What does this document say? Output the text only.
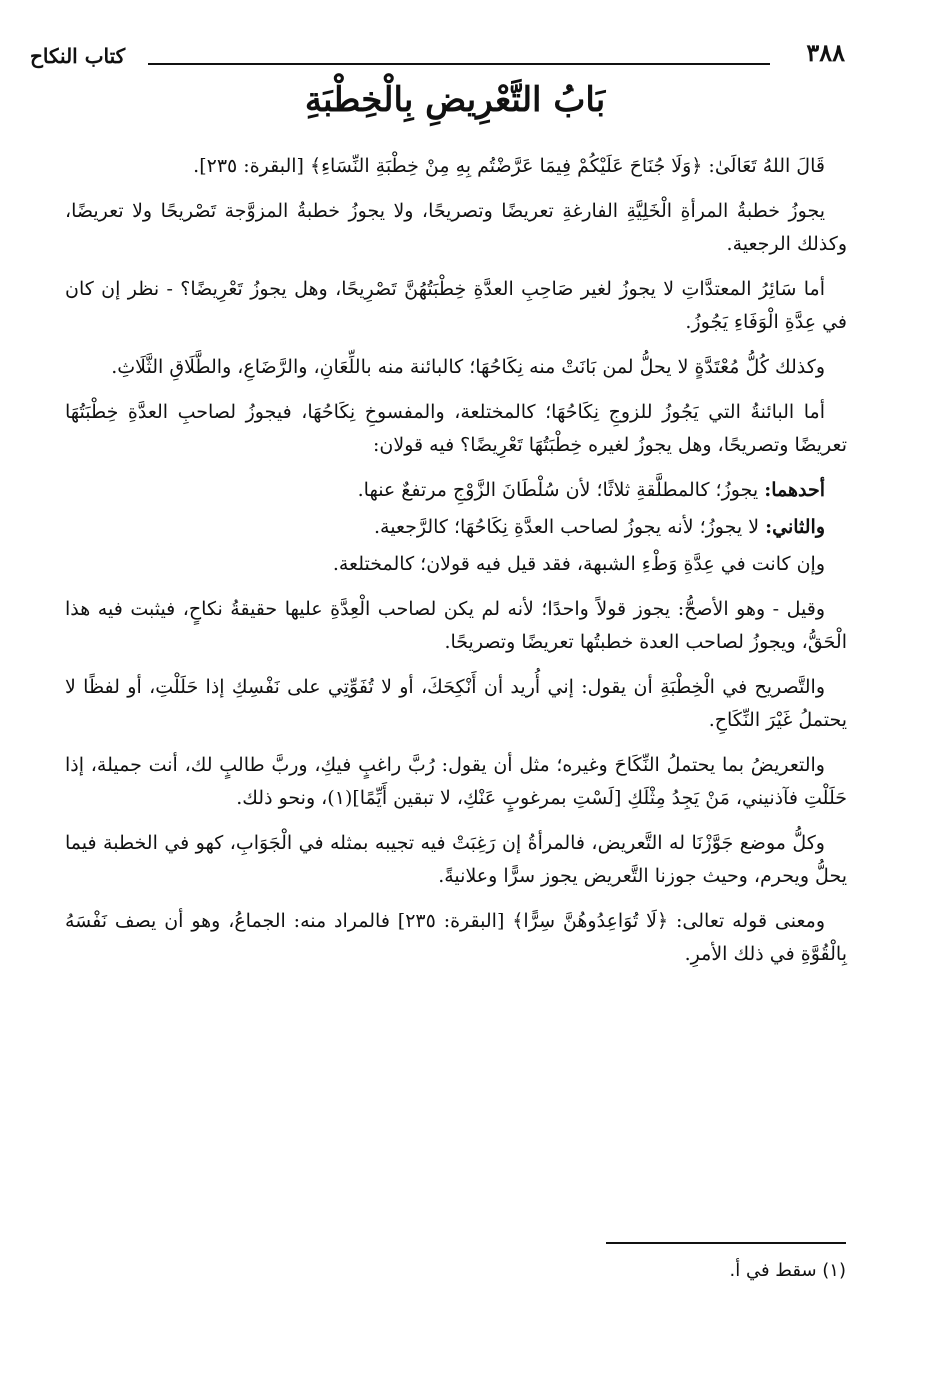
٣٨٨
كتاب النكاح
بَابُ التَّعْرِيضِ بِالْخِطْبَةِ

قَالَ اللهُ تَعَالَىٰ: ﴿وَلَا جُنَاحَ عَلَيْكُمْ فِيمَا عَرَّضْتُم بِهِ مِنْ خِطْبَةِ النِّسَاءِ﴾ [البقرة: ٢٣٥].

يجوزُ خطبةُ المرأةِ الْخَلِيَّةِ الفارغةِ تعريضًا وتصريحًا، ولا يجوزُ خطبةُ المزوَّجة تَصْريحًا ولا تعريضًا، وكذلك الرجعية.

أما سَائِرُ المعتدَّاتِ لا يجوزُ لغير صَاحِبِ العدَّةِ خِطْبَتُهُنَّ تَصْرِيحًا، وهل يجوزُ تَعْرِيضًا؟ - نظر إن كان في عِدَّةِ الْوَفَاءِ يَجُوزُ.

وكذلك كُلُّ مُعْتَدَّةٍ لا يحلُّ لمن بَانَتْ منه نِكَاحُهَا؛ كالبائنة منه باللِّعَانِ، والرَّضَاعِ، والطَّلَاقِ الثَّلَاثِ.

أما البائنةُ التي يَجُوزُ للزوجِ نِكَاحُهَا؛ كالمختلعة، والمفسوخِ نِكَاحُهَا، فيجوزُ لصاحبِ العدَّةِ خِطْبَتُهَا تعريضًا وتصريحًا، وهل يجوزُ لغيره خِطْبَتُهَا تَعْرِيضًا؟ فيه قولان:

أحدهما: يجوزُ؛ كالمطلَّقةِ ثلاثًا؛ لأن سُلْطَانَ الزَّوْجِ مرتفعٌ عنها.

والثاني: لا يجوزُ؛ لأنه يجوزُ لصاحب العدَّةِ نِكَاحُهَا؛ كالرَّجعية.

وإن كانت في عِدَّةِ وَطْءِ الشبهة، فقد قيل فيه قولان؛ كالمختلعة.

وقيل - وهو الأصحُّ: يجوز قولاً واحدًا؛ لأنه لم يكن لصاحب الْعِدَّةِ عليها حقيقةُ نكاحٍ، فيثبت فيه هذا الْحَقُّ، ويجوزُ لصاحب العدة خطبتُها تعريضًا وتصريحًا.

والتَّصريح في الْخِطْبَةِ أن يقول: إني أُريد أن أَنْكِحَكَ، أو لا تُفَوِّتِي على نَفْسِكِ إذا حَلَلْتِ، أو لفظًا لا يحتملُ غَيْرَ النِّكَاحِ.

والتعريضُ بما يحتملُ النِّكَاحَ وغيره؛ مثل أن يقول: رُبَّ راغبٍ فيكِ، وربَّ طالبٍ لك، أنت جميلة، إذا حَلَلْتِ فآذنيني، مَنْ يَجِدُ مِثْلَكِ [لَسْتِ بمرغوبٍ عَنْكِ، لا تبقين أَيِّمًا](١)، ونحو ذلك.

وكلُّ موضع جَوَّزْنَا له التَّعريض، فالمرأةُ إن رَغِبَتْ فيه تجيبه بمثله في الْجَوَابِ، كهو في الخطبة فيما يحلُّ ويحرم، وحيث جوزنا التَّعريض يجوز سرًّا وعلانيةً.

ومعنى قوله تعالى: ﴿لَا تُوَاعِدُوهُنَّ سِرًّا﴾ [البقرة: ٢٣٥] فالمراد منه: الجماعُ، وهو أن يصف نَفْسَهُ بِالْقُوَّةِ في ذلك الأمرِ.

(١) سقط في أ.
